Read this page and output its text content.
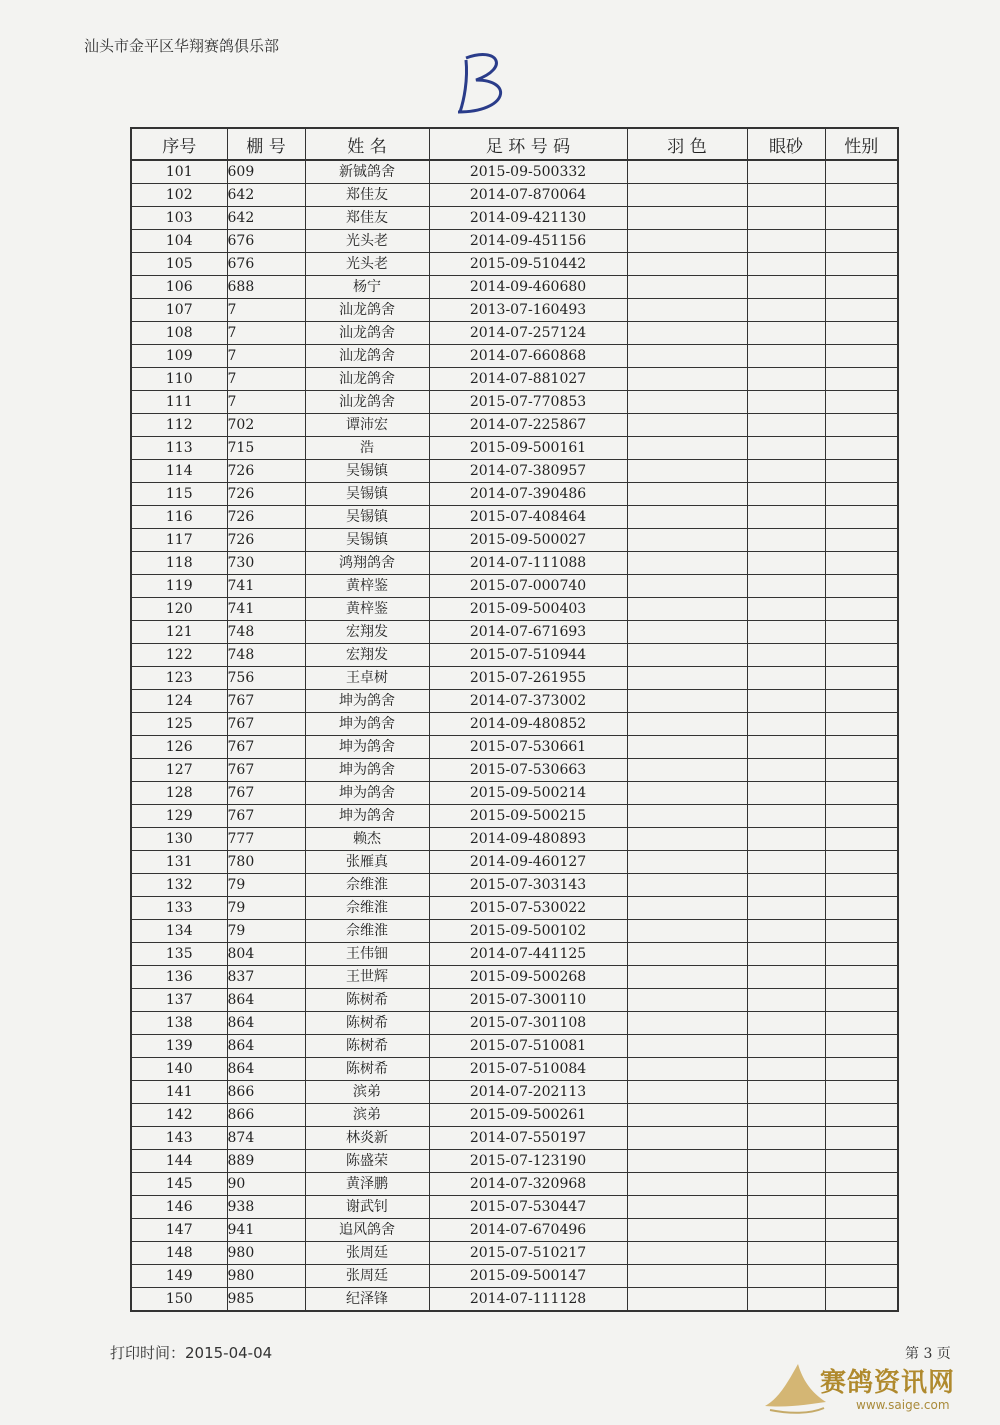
汕头市金平区华翔赛鸽俱乐部
序号	棚 号	姓 名	足 环 号 码	羽 色	眼砂	性别
101	609	新铖鸽舍	2015-09-500332			
102	642	郑佳友	2014-07-870064			
103	642	郑佳友	2014-09-421130			
104	676	光头老	2014-09-451156			
105	676	光头老	2015-09-510442			
106	688	杨宁	2014-09-460680			
107	7	汕龙鸽舍	2013-07-160493			
108	7	汕龙鸽舍	2014-07-257124			
109	7	汕龙鸽舍	2014-07-660868			
110	7	汕龙鸽舍	2014-07-881027			
111	7	汕龙鸽舍	2015-07-770853			
112	702	谭沛宏	2014-07-225867			
113	715	浩	2015-09-500161			
114	726	吴锡镇	2014-07-380957			
115	726	吴锡镇	2014-07-390486			
116	726	吴锡镇	2015-07-408464			
117	726	吴锡镇	2015-09-500027			
118	730	鸿翔鸽舍	2014-07-111088			
119	741	黄梓鉴	2015-07-000740			
120	741	黄梓鉴	2015-09-500403			
121	748	宏翔发	2014-07-671693			
122	748	宏翔发	2015-07-510944			
123	756	王卓树	2015-07-261955			
124	767	坤为鸽舍	2014-07-373002			
125	767	坤为鸽舍	2014-09-480852			
126	767	坤为鸽舍	2015-07-530661			
127	767	坤为鸽舍	2015-07-530663			
128	767	坤为鸽舍	2015-09-500214			
129	767	坤为鸽舍	2015-09-500215			
130	777	赖杰	2014-09-480893			
131	780	张雁真	2014-09-460127			
132	79	佘维淮	2015-07-303143			
133	79	佘维淮	2015-07-530022			
134	79	佘维淮	2015-09-500102			
135	804	王伟钿	2014-07-441125			
136	837	王世辉	2015-09-500268			
137	864	陈树希	2015-07-300110			
138	864	陈树希	2015-07-301108			
139	864	陈树希	2015-07-510081			
140	864	陈树希	2015-07-510084			
141	866	滨弟	2014-07-202113			
142	866	滨弟	2015-09-500261			
143	874	林炎新	2014-07-550197			
144	889	陈盛荣	2015-07-123190			
145	90	黄泽鹏	2014-07-320968			
146	938	谢武钊	2015-07-530447			
147	941	追风鸽舍	2014-07-670496			
148	980	张周廷	2015-07-510217			
149	980	张周廷	2015-09-500147			
150	985	纪泽锋	2014-07-111128			
打印时间：2015-04-04	第 3 页
赛鸽资讯网
www.saige.com
